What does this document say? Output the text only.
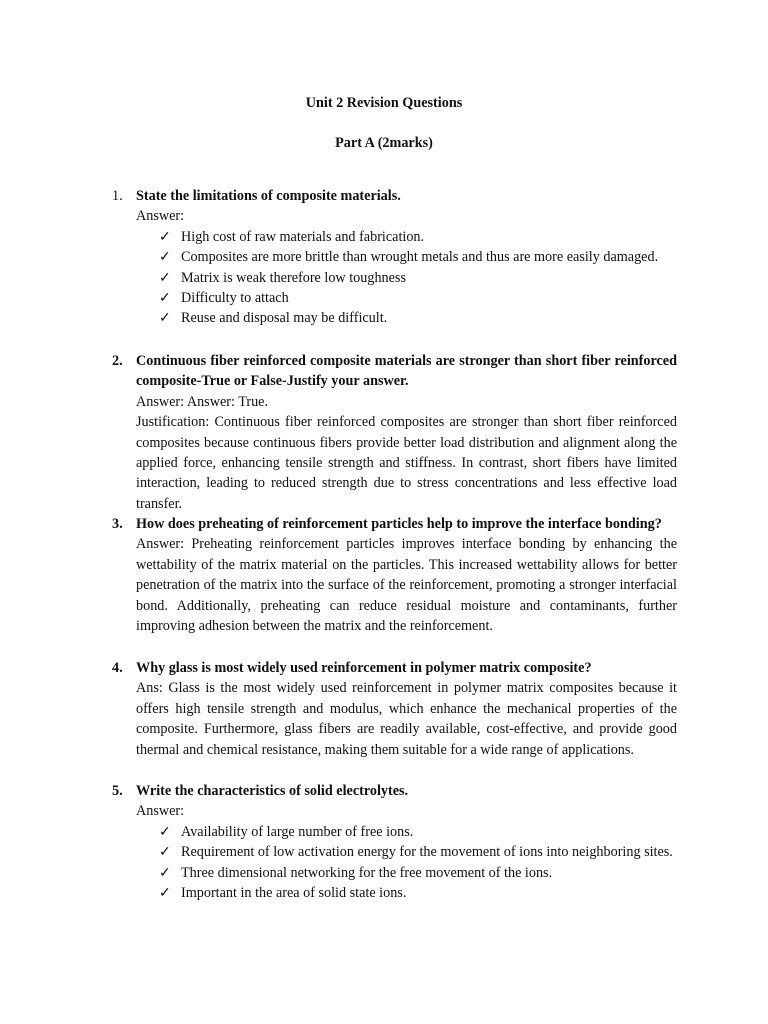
Unit 2 Revision Questions
Part A (2marks)
1. State the limitations of composite materials.

Answer:

✓ High cost of raw materials and fabrication.
✓ Composites are more brittle than wrought metals and thus are more easily damaged.
✓ Matrix is weak therefore low toughness
✓ Difficulty to attach
✓ Reuse and disposal may be difficult.
2. Continuous fiber reinforced composite materials are stronger than short fiber reinforced composite-True or False-Justify your answer.

Answer: Answer: True.

Justification: Continuous fiber reinforced composites are stronger than short fiber reinforced composites because continuous fibers provide better load distribution and alignment along the applied force, enhancing tensile strength and stiffness. In contrast, short fibers have limited interaction, leading to reduced strength due to stress concentrations and less effective load transfer.

3. How does preheating of reinforcement particles help to improve the interface bonding?

Answer: Preheating reinforcement particles improves interface bonding by enhancing the wettability of the matrix material on the particles. This increased wettability allows for better penetration of the matrix into the surface of the reinforcement, promoting a stronger interfacial bond. Additionally, preheating can reduce residual moisture and contaminants, further improving adhesion between the matrix and the reinforcement.

4. Why glass is most widely used reinforcement in polymer matrix composite?

Ans: Glass is the most widely used reinforcement in polymer matrix composites because it offers high tensile strength and modulus, which enhance the mechanical properties of the composite. Furthermore, glass fibers are readily available, cost-effective, and provide good thermal and chemical resistance, making them suitable for a wide range of applications.

5. Write the characteristics of solid electrolytes.

Answer:

✓ Availability of large number of free ions.
✓ Requirement of low activation energy for the movement of ions into neighboring sites.
✓ Three dimensional networking for the free movement of the ions.
✓ Important in the area of solid state ions.
